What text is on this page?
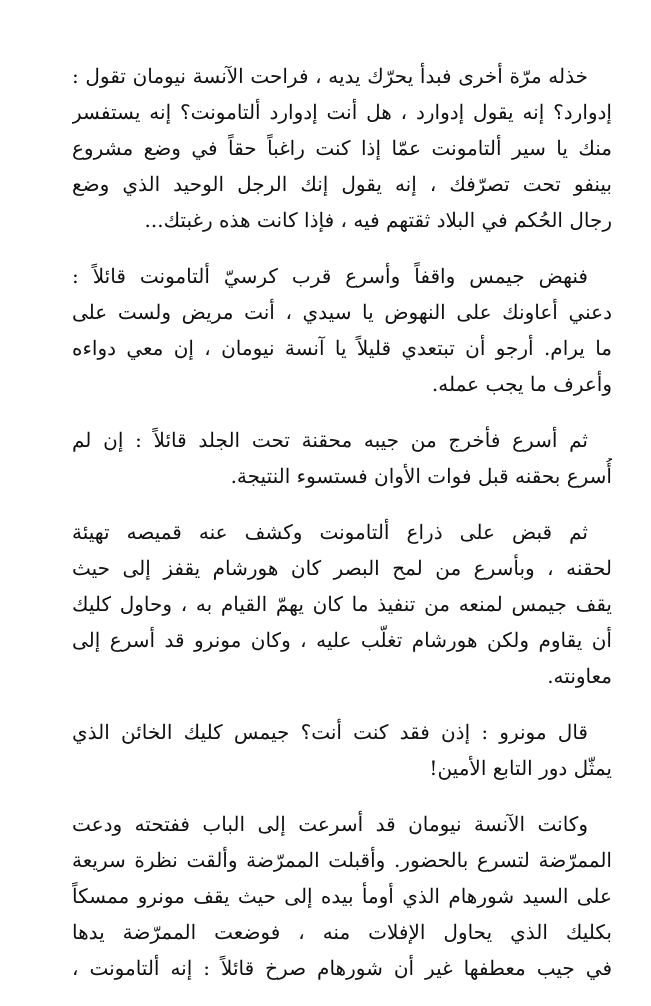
خذله مرّة أخرى فبدأ يحرّك يديه ، فراحت الآنسة نيومان تقول :
إدوارد؟ إنه يقول إدوارد ، هل أنت إدوارد ألتامونت؟ إنه يستفسر
منك يا سير ألتامونت عمّا إذا كنت راغباً حقاً في وضع مشروع
بينفو تحت تصرّفك ، إنه يقول إنك الرجل الوحيد الذي وضع
رجال الحُكم في البلاد ثقتهم فيه ، فإذا كانت هذه رغبتك...
فنهض جيمس واقفاً وأسرع قرب كرسيّ ألتامونت قائلاً :
دعني أعاونك على النهوض يا سيدي ، أنت مريض ولست على
ما يرام. أرجو أن تبتعدي قليلاً يا آنسة نيومان ، إن معي دواءه
وأعرف ما يجب عمله.
ثم أسرع فأخرج من جيبه محقنة تحت الجلد قائلاً : إن لم
أُسرع بحقنه قبل فوات الأوان فستسوء النتيجة.
ثم قبض على ذراع ألتامونت وكشف عنه قميصه تهيئة
لحقنه ، وبأسرع من لمح البصر كان هورشام يقفز إلى حيث
يقف جيمس لمنعه من تنفيذ ما كان يهمّ القيام به ، وحاول كليك
أن يقاوم ولكن هورشام تغلّب عليه ، وكان مونرو قد أسرع إلى
معاونته.
قال مونرو : إذن فقد كنت أنت؟ جيمس كليك الخائن الذي
يمثّل دور التابع الأمين!
وكانت الآنسة نيومان قد أسرعت إلى الباب ففتحته ودعت
الممرّضة لتسرع بالحضور. وأقبلت الممرّضة وألقت نظرة سريعة
على السيد شورهام الذي أومأ بيده إلى حيث يقف مونرو ممسكاً
بكليك الذي يحاول الإفلات منه ، فوضعت الممرّضة يدها
في جيب معطفها غير أن شورهام صرخ قائلاً : إنه ألتامونت ،
